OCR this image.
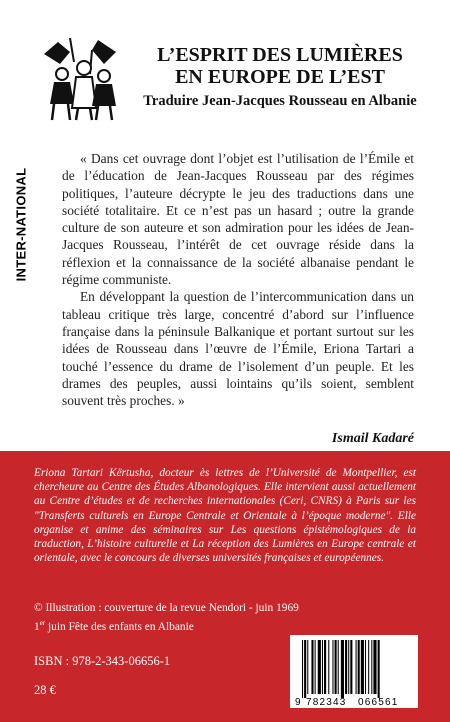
L’ESPRIT DES LUMIÈRES
EN EUROPE DE L’EST
Traduire Jean-Jacques Rousseau en Albanie
INTER-NATIONAL

« Dans cet ouvrage dont l’objet est l’utilisation de l’Émile et de l’éducation de Jean-Jacques Rousseau par des régimes politiques, l’auteure décrypte le jeu des traductions dans une société totalitaire. Et ce n’est pas un hasard ; outre la grande culture de son auteure et son admiration pour les idées de Jean-Jacques Rousseau, l’intérêt de cet ouvrage réside dans la réflexion et la connaissance de la société albanaise pendant le régime communiste.

En développant la question de l’intercommunication dans un tableau critique très large, concentré d’abord sur l’influence française dans la péninsule Balkanique et portant surtout sur les idées de Rousseau dans l’œuvre de l’Émile, Eriona Tartari a touché l’essence du drame de l’isolement d’un peuple. Et les drames des peuples, aussi lointains qu’ils soient, semblent souvent très proches. »

Ismail Kadaré
Eriona Tartari Kërtusha, docteur ès lettres de l’Université de Montpellier, est chercheure au Centre des Études Albanologiques. Elle intervient aussi actuellement au Centre d’études et de recherches internationales (Ceri, CNRS) à Paris sur les "Transferts culturels en Europe Centrale et Orientale à l’époque moderne". Elle organise et anime des séminaires sur Les questions épistémologiques de la traduction, L’histoire culturelle et La réception des Lumières en Europe centrale et orientale, avec le concours de diverses universités françaises et européennes.
© Illustration : couverture de la revue Nendori - juin 1969
1er juin Fête des enfants en Albanie
ISBN : 978-2-343-06656-1
28 €
9 782343 066561
